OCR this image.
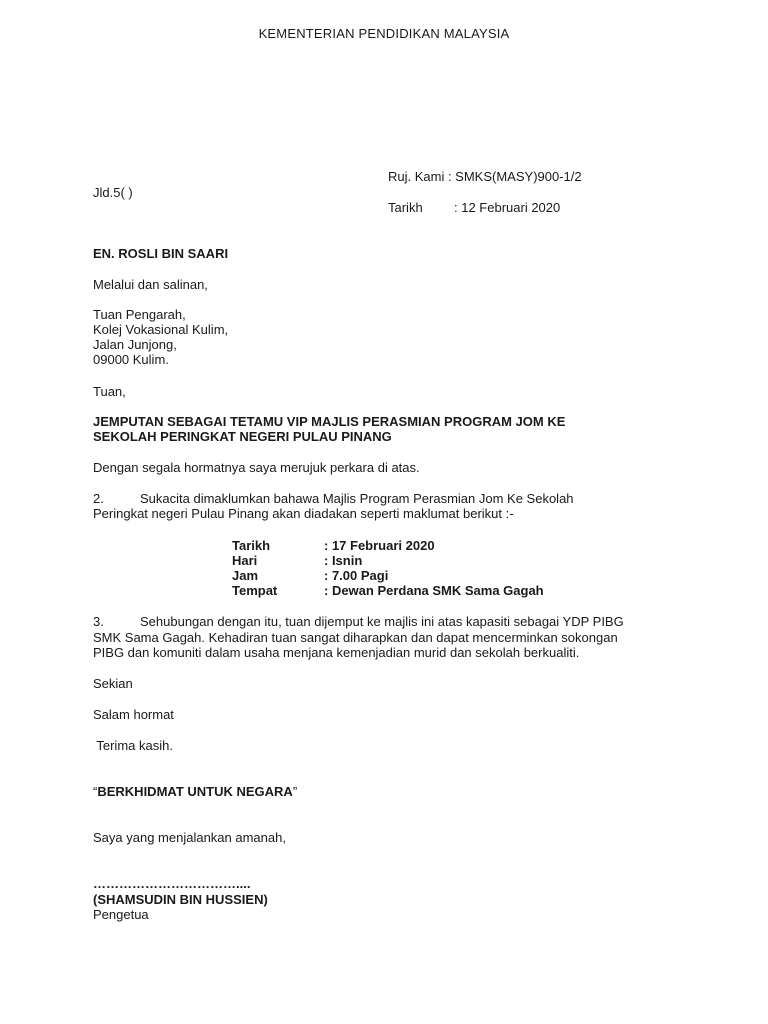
KEMENTERIAN PENDIDIKAN MALAYSIA
Ruj. Kami : SMKS(MASY)900-1/2
Jld.5( )
Tarikh : 12 Februari 2020
EN. ROSLI BIN SAARI
Melalui dan salinan,
Tuan Pengarah,
Kolej Vokasional Kulim,
Jalan Junjong,
09000 Kulim.
Tuan,
JEMPUTAN SEBAGAI TETAMU VIP MAJLIS PERASMIAN PROGRAM JOM KE
SEKOLAH PERINGKAT NEGERI PULAU PINANG
Dengan segala hormatnya saya merujuk perkara di atas.
2.	Sukacita dimaklumkan bahawa Majlis Program Perasmian Jom Ke Sekolah
Peringkat negeri Pulau Pinang akan diadakan seperti maklumat berikut :-
Tarikh	: 17 Februari 2020
Hari	: Isnin
Jam	: 7.00 Pagi
Tempat	: Dewan Perdana SMK Sama Gagah
3.	Sehubungan dengan itu, tuan dijemput ke majlis ini atas kapasiti sebagai YDP PIBG
SMK Sama Gagah. Kehadiran tuan sangat diharapkan dan dapat mencerminkan sokongan
PIBG dan komuniti dalam usaha menjana kemenjadian murid dan sekolah berkualiti.
Sekian
Salam hormat
Terima kasih.
“BERKHIDMAT UNTUK NEGARA”
Saya yang menjalankan amanah,
……………………………....
(SHAMSUDIN BIN HUSSIEN)
Pengetua
